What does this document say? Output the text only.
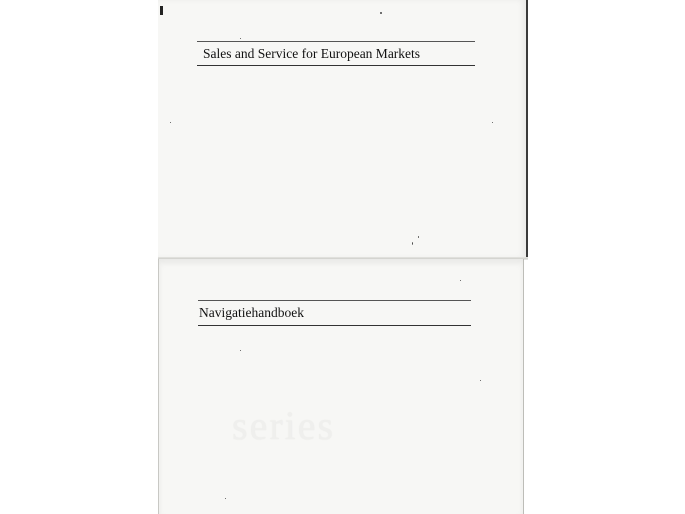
Sales and Service for European Markets
Navigatiehandboek
series
